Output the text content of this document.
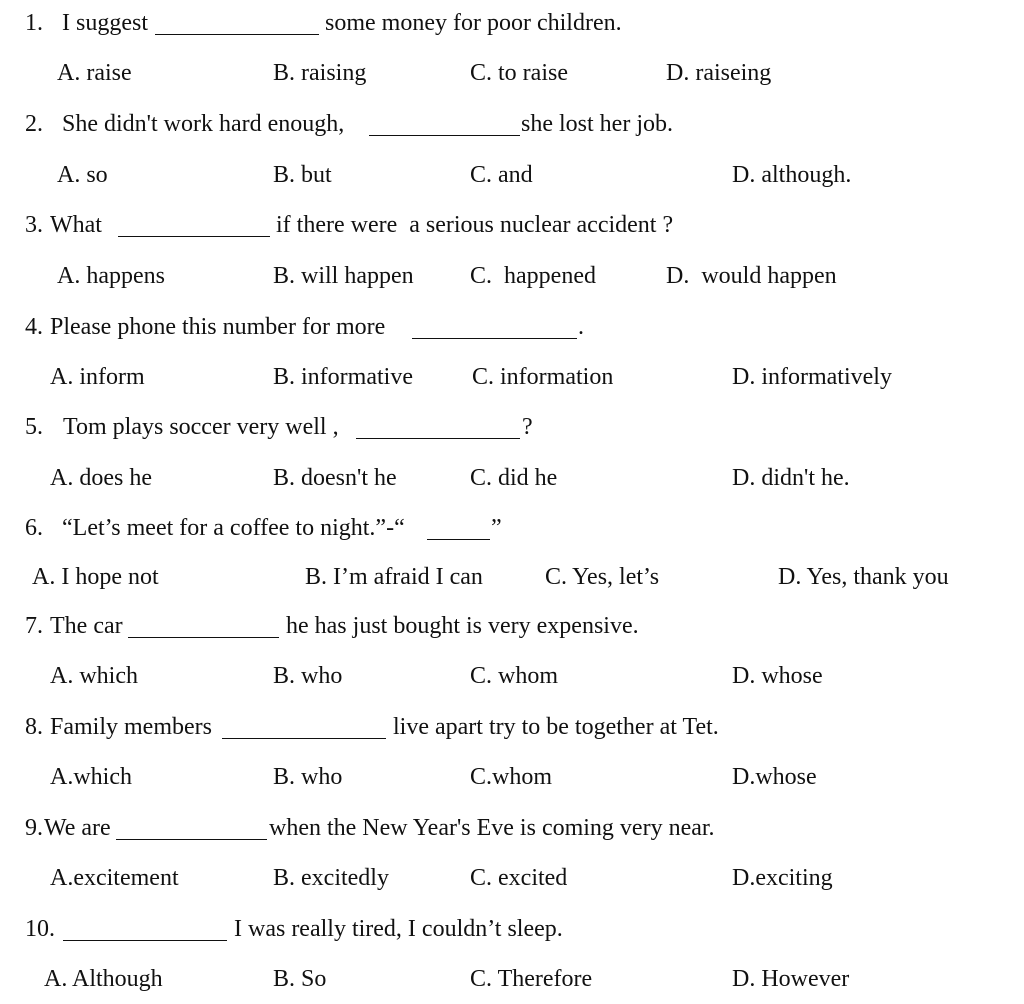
1. I suggest	some money for poor children.
A. raise	B. raising	C. to raise	D. raiseing
2. She didn't work hard enough,	she lost her job.
A. so	B. but	C. and	D. although.
3. What	if there were  a serious nuclear accident ?
A. happens	B. will happen C.  happened	D.  would happen
4. Please phone this number for more	.
A. inform	B. informative C. information	D. informatively
5. Tom plays soccer very well ,	?
A. does he	B. doesn't he	C. did he	D. didn't he.
6. “Let’s meet for a coffee to night.”-“	”
A. I hope not	B. I’m afraid I can	C. Yes, let’s	D. Yes, thank you
7. The car	he has just bought is very expensive.
A. which	B. who	C. whom	D. whose
8. Family members	live apart try to be together at Tet.
A.which	B. who	C.whom	D.whose
9. We are	when the New Year's Eve is coming very near.
A.excitement	B. excitedly	C. excited	D.exciting
10.	I was really tired, I couldn’t sleep.
A. Although	B. So	C. Therefore	D. However
